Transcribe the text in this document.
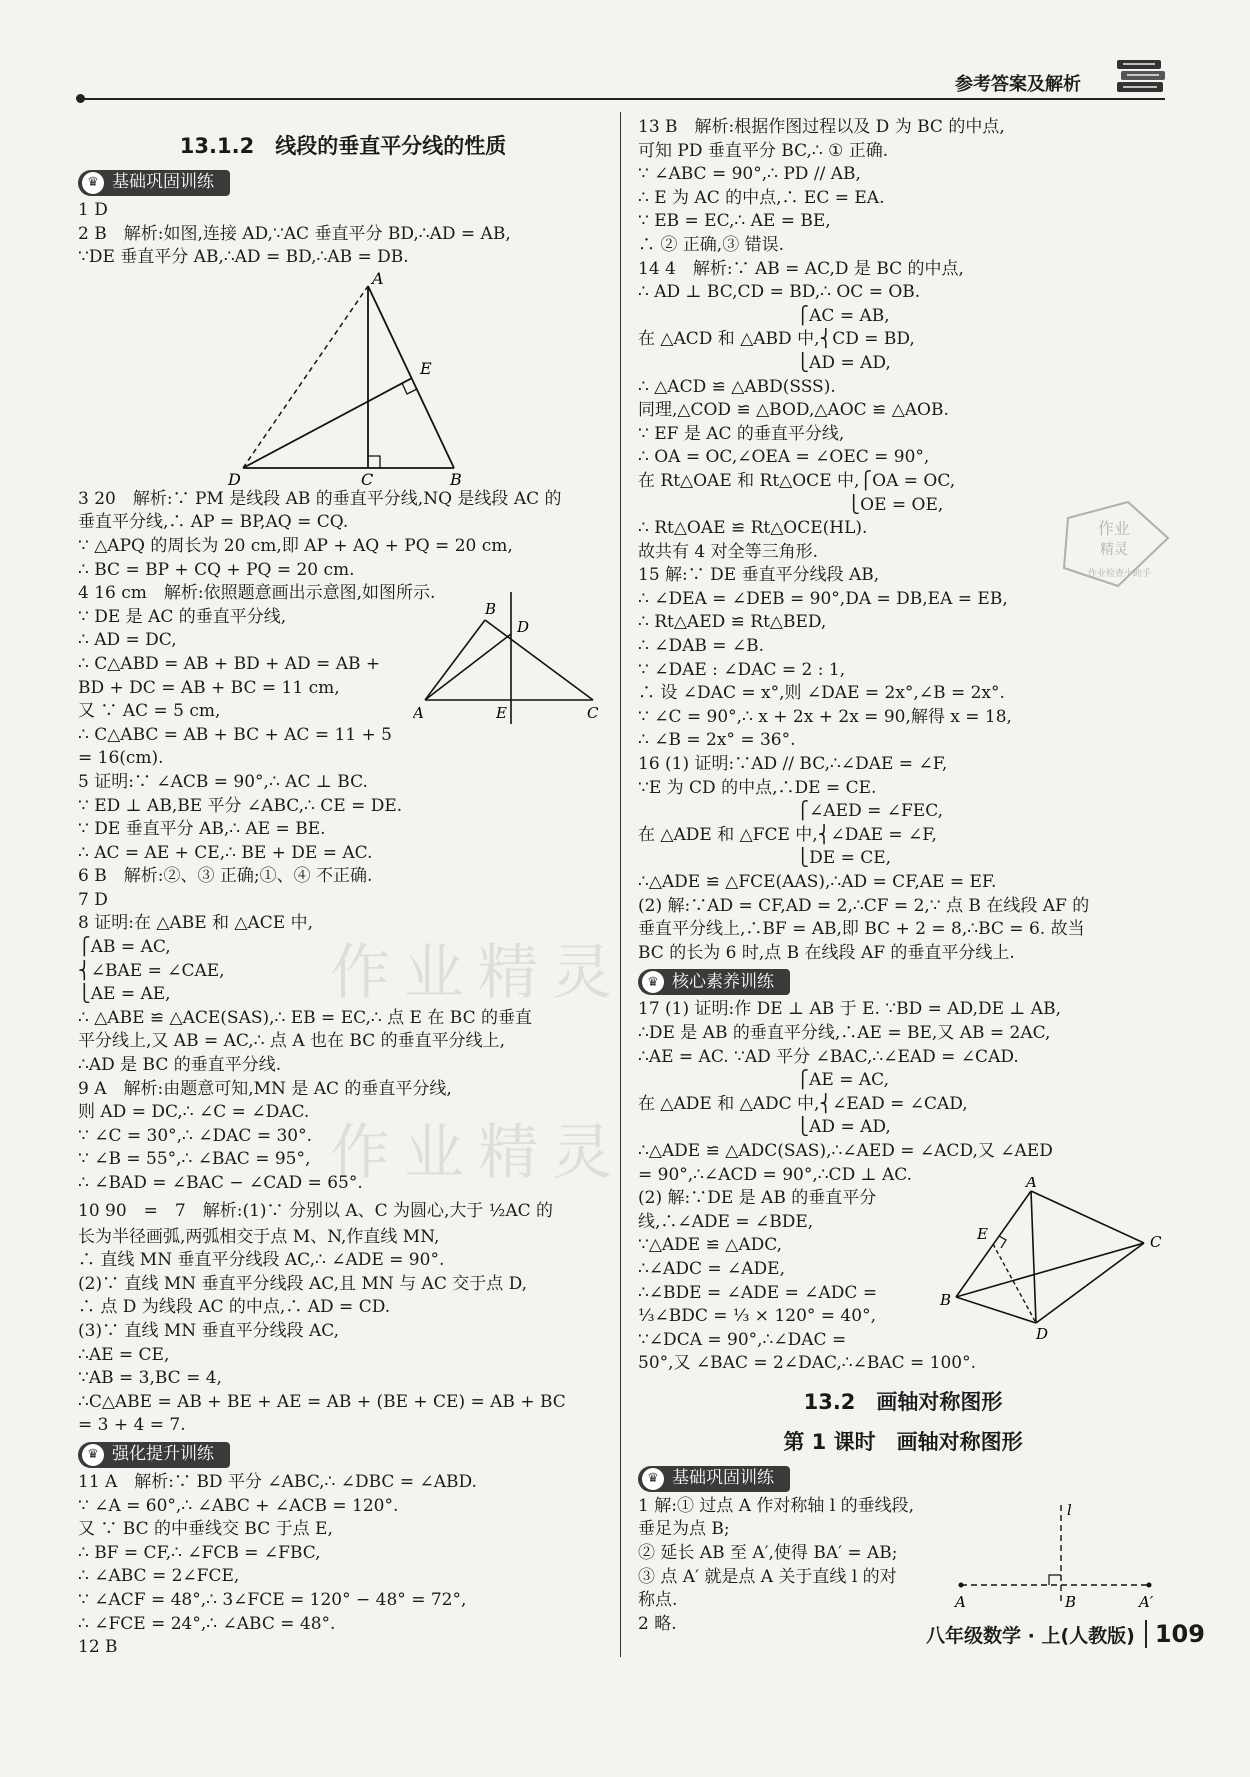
参考答案及解析
作业精灵
作业精灵
13.1.2　线段的垂直平分线的性质
♛ 基础巩固训练
1 D
2 B　解析:如图,连接 AD,∵AC 垂直平分 BD,∴AD = AB,
∵DE 垂直平分 AB,∴AD = BD,∴AB = DB.
A
E
D	C	B
3 20　解析:∵ PM 是线段 AB 的垂直平分线,NQ 是线段 AC 的
垂直平分线,∴ AP = BP,AQ = CQ.
∵ △APQ 的周长为 20 cm,即 AP + AQ + PQ = 20 cm,
∴ BC = BP + CQ + PQ = 20 cm.
4 16 cm　解析:依照题意画出示意图,如图所示.
∵ DE 是 AC 的垂直平分线,
∴ AD = DC,
∴ C△ABD = AB + BD + AD = AB +
BD + DC = AB + BC = 11 cm,
又 ∵ AC = 5 cm,
∴ C△ABC = AB + BC + AC = 11 + 5
= 16(cm).
B
D
A	E	C
5 证明:∵ ∠ACB = 90°,∴ AC ⊥ BC.
∵ ED ⊥ AB,BE 平分 ∠ABC,∴ CE = DE.
∵ DE 垂直平分 AB,∴ AE = BE.
∴ AC = AE + CE,∴ BE + DE = AC.
6 B　解析:②、③ 正确;①、④ 不正确.
7 D
8 证明:在 △ABE 和 △ACE 中,
⎧AB = AC,
⎨∠BAE = ∠CAE,
⎩AE = AE,
∴ △ABE ≌ △ACE(SAS),∴ EB = EC,∴ 点 E 在 BC 的垂直
平分线上,又 AB = AC,∴ 点 A 也在 BC 的垂直平分线上,
∴AD 是 BC 的垂直平分线.
9 A　解析:由题意可知,MN 是 AC 的垂直平分线,
则 AD = DC,∴ ∠C = ∠DAC.
∵ ∠C = 30°,∴ ∠DAC = 30°.
∵ ∠B = 55°,∴ ∠BAC = 95°,
∴ ∠BAD = ∠BAC − ∠CAD = 65°.
10 90　=　7　解析:(1)∵ 分别以 A、C 为圆心,大于 ½AC 的
长为半径画弧,两弧相交于点 M、N,作直线 MN,
∴ 直线 MN 垂直平分线段 AC,∴ ∠ADE = 90°.
(2)∵ 直线 MN 垂直平分线段 AC,且 MN 与 AC 交于点 D,
∴ 点 D 为线段 AC 的中点,∴ AD = CD.
(3)∵ 直线 MN 垂直平分线段 AC,
∴AE = CE,
∵AB = 3,BC = 4,
∴C△ABE = AB + BE + AE = AB + (BE + CE) = AB + BC
= 3 + 4 = 7.
♛ 强化提升训练
11 A　解析:∵ BD 平分 ∠ABC,∴ ∠DBC = ∠ABD.
∵ ∠A = 60°,∴ ∠ABC + ∠ACB = 120°.
又 ∵ BC 的中垂线交 BC 于点 E,
∴ BF = CF,∴ ∠FCB = ∠FBC,
∴ ∠ABC = 2∠FCE,
∵ ∠ACF = 48°,∴ 3∠FCE = 120° − 48° = 72°,
∴ ∠FCE = 24°,∴ ∠ABC = 48°.
12 B
13 B　解析:根据作图过程以及 D 为 BC 的中点,
可知 PD 垂直平分 BC,∴ ① 正确.
∵ ∠ABC = 90°,∴ PD // AB,
∴ E 为 AC 的中点,∴ EC = EA.
∵ EB = EC,∴ AE = BE,
∴ ② 正确,③ 错误.
14 4　解析:∵ AB = AC,D 是 BC 的中点,
∴ AD ⊥ BC,CD = BD,∴ OC = OB.
　　　　　　　　　 ⎧AC = AB,
在 △ACD 和 △ABD 中,⎨CD = BD,
　　　　　　　　　 ⎩AD = AD,
∴ △ACD ≌ △ABD(SSS).
同理,△COD ≌ △BOD,△AOC ≌ △AOB.
∵ EF 是 AC 的垂直平分线,
∴ OA = OC,∠OEA = ∠OEC = 90°,
在 Rt△OAE 和 Rt△OCE 中,⎧OA = OC,
　　　　　　　　　　　　 ⎩OE = OE,
∴ Rt△OAE ≌ Rt△OCE(HL).
故共有 4 对全等三角形.
15 解:∵ DE 垂直平分线段 AB,
∴ ∠DEA = ∠DEB = 90°,DA = DB,EA = EB,
∴ Rt△AED ≌ Rt△BED,
∴ ∠DAB = ∠B.
∵ ∠DAE : ∠DAC = 2 : 1,
∴ 设 ∠DAC = x°,则 ∠DAE = 2x°,∠B = 2x°.
∵ ∠C = 90°,∴ x + 2x + 2x = 90,解得 x = 18,
∴ ∠B = 2x° = 36°.
16 (1) 证明:∵AD // BC,∴∠DAE = ∠F,
∵E 为 CD 的中点,∴DE = CE.
　　　　　　　　　 ⎧∠AED = ∠FEC,
在 △ADE 和 △FCE 中,⎨∠DAE = ∠F,
　　　　　　　　　 ⎩DE = CE,
∴△ADE ≌ △FCE(AAS),∴AD = CF,AE = EF.
(2) 解:∵AD = CF,AD = 2,∴CF = 2,∵ 点 B 在线段 AF 的
垂直平分线上,∴BF = AB,即 BC + 2 = 8,∴BC = 6. 故当
BC 的长为 6 时,点 B 在线段 AF 的垂直平分线上.
♛ 核心素养训练
17 (1) 证明:作 DE ⊥ AB 于 E. ∵BD = AD,DE ⊥ AB,
∴DE 是 AB 的垂直平分线,∴AE = BE,又 AB = 2AC,
∴AE = AC. ∵AD 平分 ∠BAC,∴∠EAD = ∠CAD.
　　　　　　　　　 ⎧AE = AC,
在 △ADE 和 △ADC 中,⎨∠EAD = ∠CAD,
　　　　　　　　　 ⎩AD = AD,
∴△ADE ≌ △ADC(SAS),∴∠AED = ∠ACD,又 ∠AED
= 90°,∴∠ACD = 90°,∴CD ⊥ AC.
(2) 解:∵DE 是 AB 的垂直平分
线,∴∠ADE = ∠BDE,
∵△ADE ≌ △ADC,
∴∠ADC = ∠ADE,
∴∠BDE = ∠ADE = ∠ADC =
⅓∠BDC = ⅓ × 120° = 40°,
∵∠DCA = 90°,∴∠DAC =
50°,又 ∠BAC = 2∠DAC,∴∠BAC = 100°.
A
E	C
B
D
13.2　画轴对称图形
第 1 课时　画轴对称图形
♛ 基础巩固训练
1 解:① 过点 A 作对称轴 l 的垂线段,
垂足为点 B;
② 延长 AB 至 A′,使得 BA′ = AB;
③ 点 A′ 就是点 A 关于直线 l 的对
称点.
2 略.
l
A	B	A′
作业
精灵
作业检查小助手
八年级数学 · 上(人教版) 109
